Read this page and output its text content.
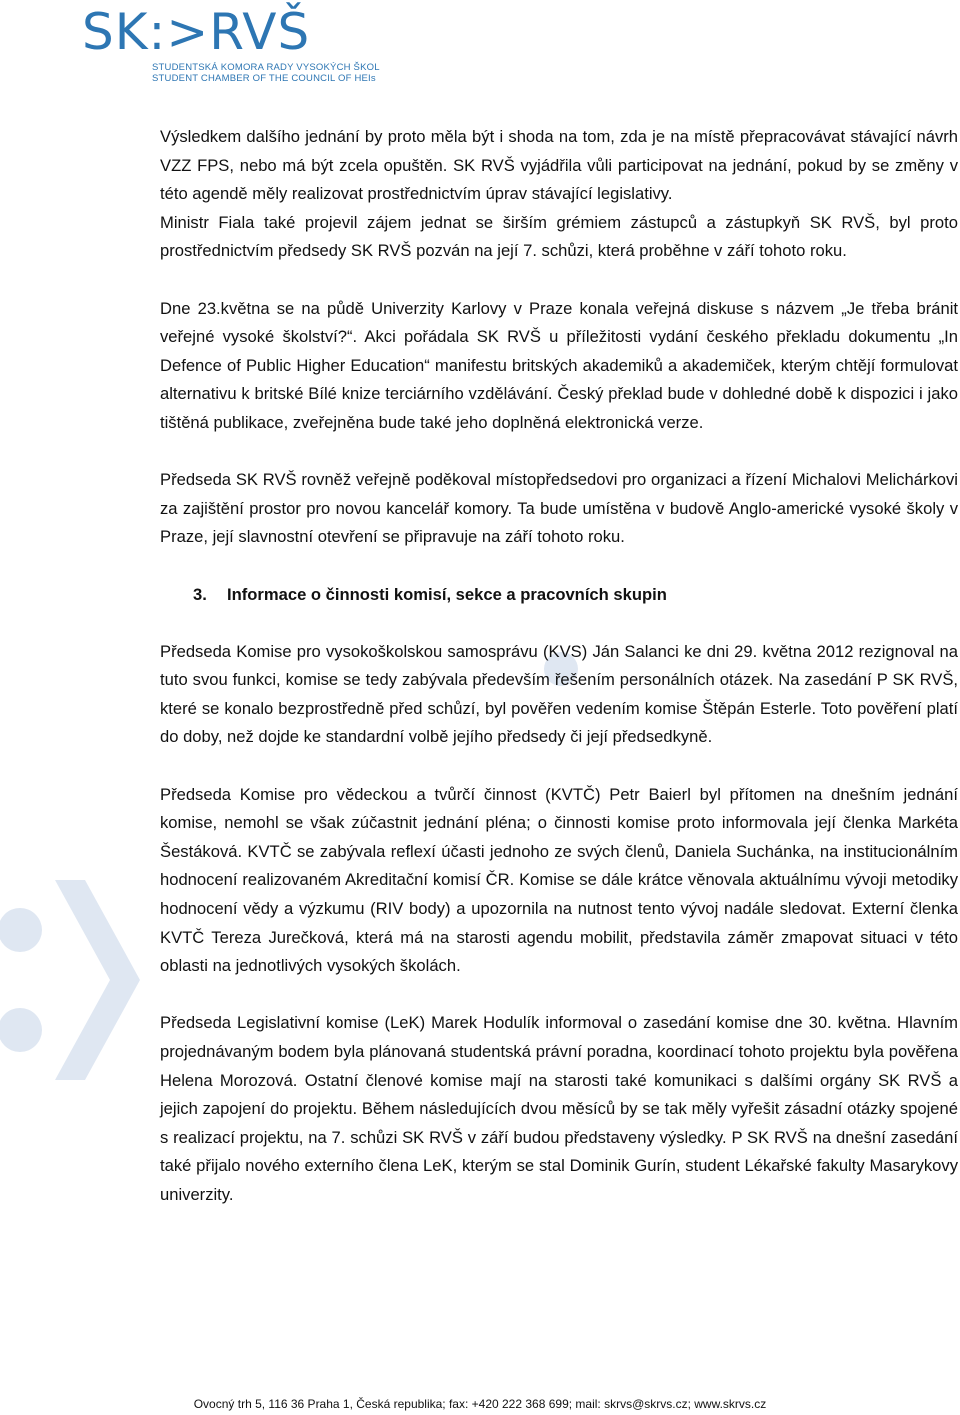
SK:>RVŠ
STUDENTSKÁ KOMORA RADY VYSOKÝCH ŠKOL
STUDENT CHAMBER OF THE COUNCIL OF HEIs

Výsledkem dalšího jednání by proto měla být i shoda na tom, zda je na místě přepracovávat stávající návrh VZZ FPS, nebo má být zcela opuštěn. SK RVŠ vyjádřila vůli participovat na jednání, pokud by se změny v této agendě měly realizovat prostřednictvím úprav stávající legislativy.

Ministr Fiala také projevil zájem jednat se širším grémiem zástupců a zástupkyň SK RVŠ, byl proto prostřednictvím předsedy SK RVŠ pozván na její 7. schůzi, která proběhne v září tohoto roku.

Dne 23.května se na půdě Univerzity Karlovy v Praze konala veřejná diskuse s názvem „Je třeba bránit veřejné vysoké školství?“. Akci pořádala SK RVŠ u příležitosti vydání českého překladu dokumentu „In Defence of Public Higher Education“ manifestu britských akademiků a akademiček, kterým chtějí formulovat alternativu k britské Bílé knize terciárního vzdělávání. Český překlad bude v dohledné době k dispozici i jako tištěná publikace, zveřejněna bude také jeho doplněná elektronická verze.

Předseda SK RVŠ rovněž veřejně poděkoval místopředsedovi pro organizaci a řízení Michalovi Melichárkovi za zajištění prostor pro novou kancelář komory. Ta bude umístěna v budově Anglo-americké vysoké školy v Praze, její slavnostní otevření se připravuje na září tohoto roku.

3. Informace o činnosti komisí, sekce a pracovních skupin

Předseda Komise pro vysokoškolskou samosprávu (KVS) Ján Salanci ke dni 29. května 2012 rezignoval na tuto svou funkci, komise se tedy zabývala především řešením personálních otázek. Na zasedání P SK RVŠ, které se konalo bezprostředně před schůzí, byl pověřen vedením komise Štěpán Esterle. Toto pověření platí do doby, než dojde ke standardní volbě jejího předsedy či její předsedkyně.

Předseda Komise pro vědeckou a tvůrčí činnost (KVTČ) Petr Baierl byl přítomen na dnešním jednání komise, nemohl se však zúčastnit jednání pléna; o činnosti komise proto informovala její členka Markéta Šestáková. KVTČ se zabývala reflexí účasti jednoho ze svých členů, Daniela Suchánka, na institucionálním hodnocení realizovaném Akreditační komisí ČR. Komise se dále krátce věnovala aktuálnímu vývoji metodiky hodnocení vědy a výzkumu (RIV body) a upozornila na nutnost tento vývoj nadále sledovat. Externí členka KVTČ Tereza Jurečková, která má na starosti agendu mobilit, představila záměr zmapovat situaci v této oblasti na jednotlivých vysokých školách.

Předseda Legislativní komise (LeK) Marek Hodulík informoval o zasedání komise dne 30. května. Hlavním projednávaným bodem byla plánovaná studentská právní poradna, koordinací tohoto projektu byla pověřena Helena Morozová. Ostatní členové komise mají na starosti také komunikaci s dalšími orgány SK RVŠ a jejich zapojení do projektu. Během následujících dvou měsíců by se tak měly vyřešit zásadní otázky spojené s realizací projektu, na 7. schůzi SK RVŠ v září budou představeny výsledky. P SK RVŠ na dnešní zasedání také přijalo nového externího člena LeK, kterým se stal Dominik Gurín, student Lékařské fakulty Masarykovy univerzity.

Ovocný trh 5, 116 36 Praha 1, Česká republika; fax: +420 222 368 699; mail: skrvs@skrvs.cz; www.skrvs.cz
